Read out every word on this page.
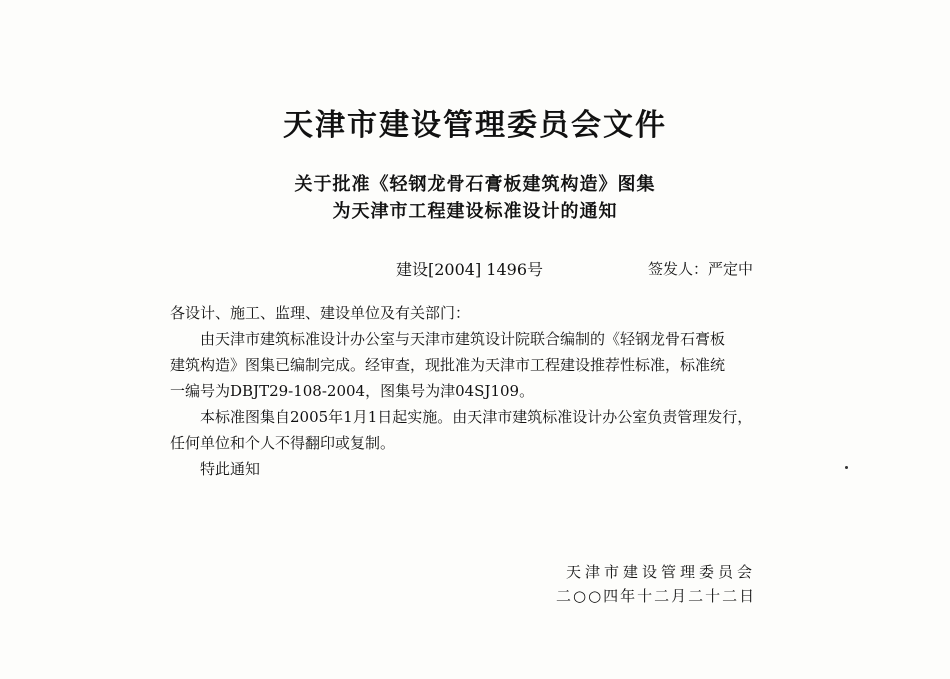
天津市建设管理委员会文件
关于批准《轻钢龙骨石膏板建筑构造》图集
为天津市工程建设标准设计的通知
建设[2004] 1496号	签发人：严定中
各设计、施工、监理、建设单位及有关部门：
由天津市建筑标准设计办公室与天津市建筑设计院联合编制的《轻钢龙骨石膏板
建筑构造》图集已编制完成。经审查，现批准为天津市工程建设推荐性标准，标准统
一编号为DBJT29-108-2004，图集号为津04SJ109。
本标准图集自2005年1月1日起实施。由天津市建筑标准设计办公室负责管理发行，
任何单位和个人不得翻印或复制。
特此通知
天津市建设管理委员会
二○○四年十二月二十二日
